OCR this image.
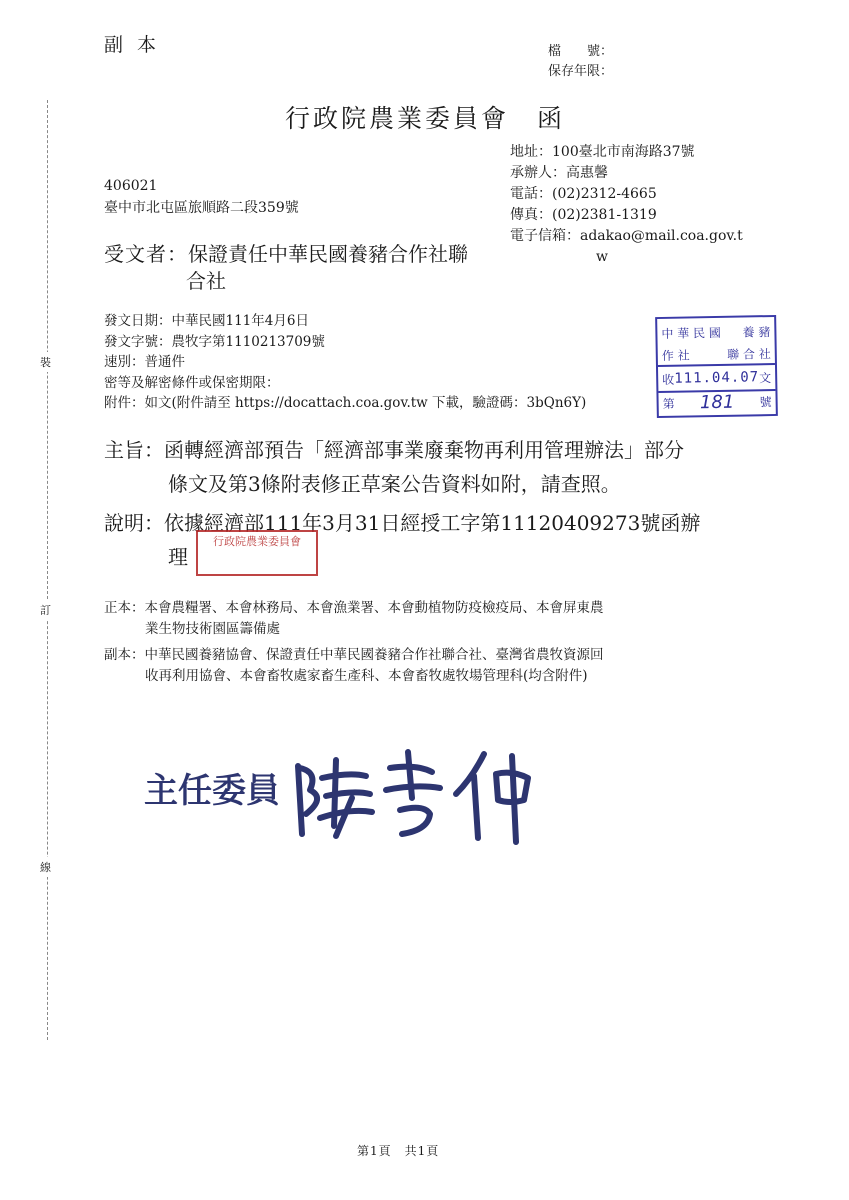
裝
訂
線
副本	檔　　號：
保存年限：
行政院農業委員會　函
地址：100臺北市南海路37號
承辦人：高惠馨
電話：(02)2312-4665
傳真：(02)2381-1319
電子信箱：adakao@mail.coa.gov.t
w
406021
臺中市北屯區旅順路二段359號
受文者：保證責任中華民國養豬合作社聯
合社
發文日期：中華民國111年4月6日
發文字號：農牧字第1110213709號
速別：普通件
密等及解密條件或保密期限：
附件：如文(附件請至 https://docattach.coa.gov.tw 下載，驗證碼：3bQn6Y)
中 華 民 國 養 豬
作 社	聯 合 社
收 111.04.07 文
第 181 號
主旨：函轉經濟部預告「經濟部事業廢棄物再利用管理辦法」部分
條文及第3條附表修正草案公告資料如附，請查照。
說明：依據經濟部111年3月31日經授工字第11120409273號函辦
理
行政院農業委員會
正本：本會農糧署、本會林務局、本會漁業署、本會動植物防疫檢疫局、本會屏東農
業生物技術園區籌備處
副本：中華民國養豬協會、保證責任中華民國養豬合作社聯合社、臺灣省農牧資源回
收再利用協會、本會畜牧處家畜生產科、本會畜牧處牧場管理科(均含附件)
主任委員
第1頁　共1頁
